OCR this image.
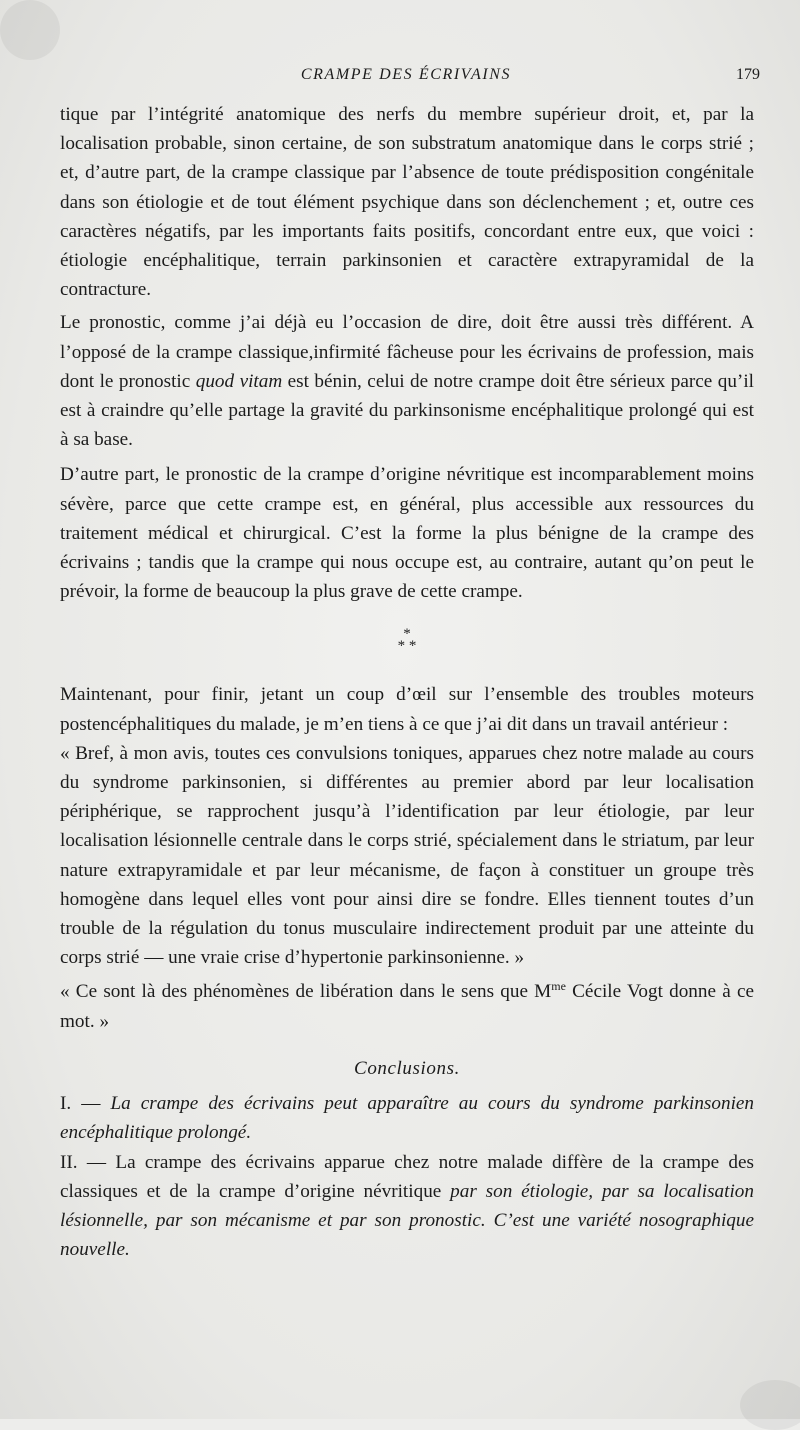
CRAMPE DES ÉCRIVAINS	179

tique par l’intégrité anatomique des nerfs du membre supérieur droit, et, par la localisation probable, sinon certaine, de son substratum anatomique dans le corps strié ; et, d’autre part, de la crampe classique par l’absence de toute prédisposition congénitale dans son étiologie et de tout élément psychique dans son déclenchement ; et, outre ces caractères négatifs, par les importants faits positifs, concordant entre eux, que voici : étiologie encéphalitique, terrain parkinsonien et caractère extrapyramidal de la contracture.

Le pronostic, comme j’ai déjà eu l’occasion de dire, doit être aussi très différent. A l’opposé de la crampe classique,infirmité fâcheuse pour les écrivains de profession, mais dont le pronostic quod vitam est bénin, celui de notre crampe doit être sérieux parce qu’il est à craindre qu’elle partage la gravité du parkinsonisme encéphalitique prolongé qui est à sa base.

D’autre part, le pronostic de la crampe d’origine névritique est incomparablement moins sévère, parce que cette crampe est, en général, plus accessible aux ressources du traitement médical et chirurgical. C’est la forme la plus bénigne de la crampe des écrivains ; tandis que la crampe qui nous occupe est, au contraire, autant qu’on peut le prévoir, la forme de beaucoup la plus grave de cette crampe.

*
* *

Maintenant, pour finir, jetant un coup d’œil sur l’ensemble des troubles moteurs postencéphalitiques du malade, je m’en tiens à ce que j’ai dit dans un travail antérieur :

« Bref, à mon avis, toutes ces convulsions toniques, apparues chez notre malade au cours du syndrome parkinsonien, si différentes au premier abord par leur localisation périphérique, se rapprochent jusqu’à l’identification par leur étiologie, par leur localisation lésionnelle centrale dans le corps strié, spécialement dans le striatum, par leur nature extrapyramidale et par leur mécanisme, de façon à constituer un groupe très homogène dans lequel elles vont pour ainsi dire se fondre. Elles tiennent toutes d’un trouble de la régulation du tonus musculaire indirectement produit par une atteinte du corps strié — une vraie crise d’hypertonie parkinsonienne. »

« Ce sont là des phénomènes de libération dans le sens que $M^{me}$ Cécile Vogt donne à ce mot. »

Conclusions.

I. — La crampe des écrivains peut apparaître au cours du syndrome parkinsonien encéphalitique prolongé.

II. — La crampe des écrivains apparue chez notre malade diffère de la crampe des classiques et de la crampe d’origine névritique par son étiologie, par sa localisation lésionnelle, par son mécanisme et par son pronostic. C’est une variété nosographique nouvelle.
